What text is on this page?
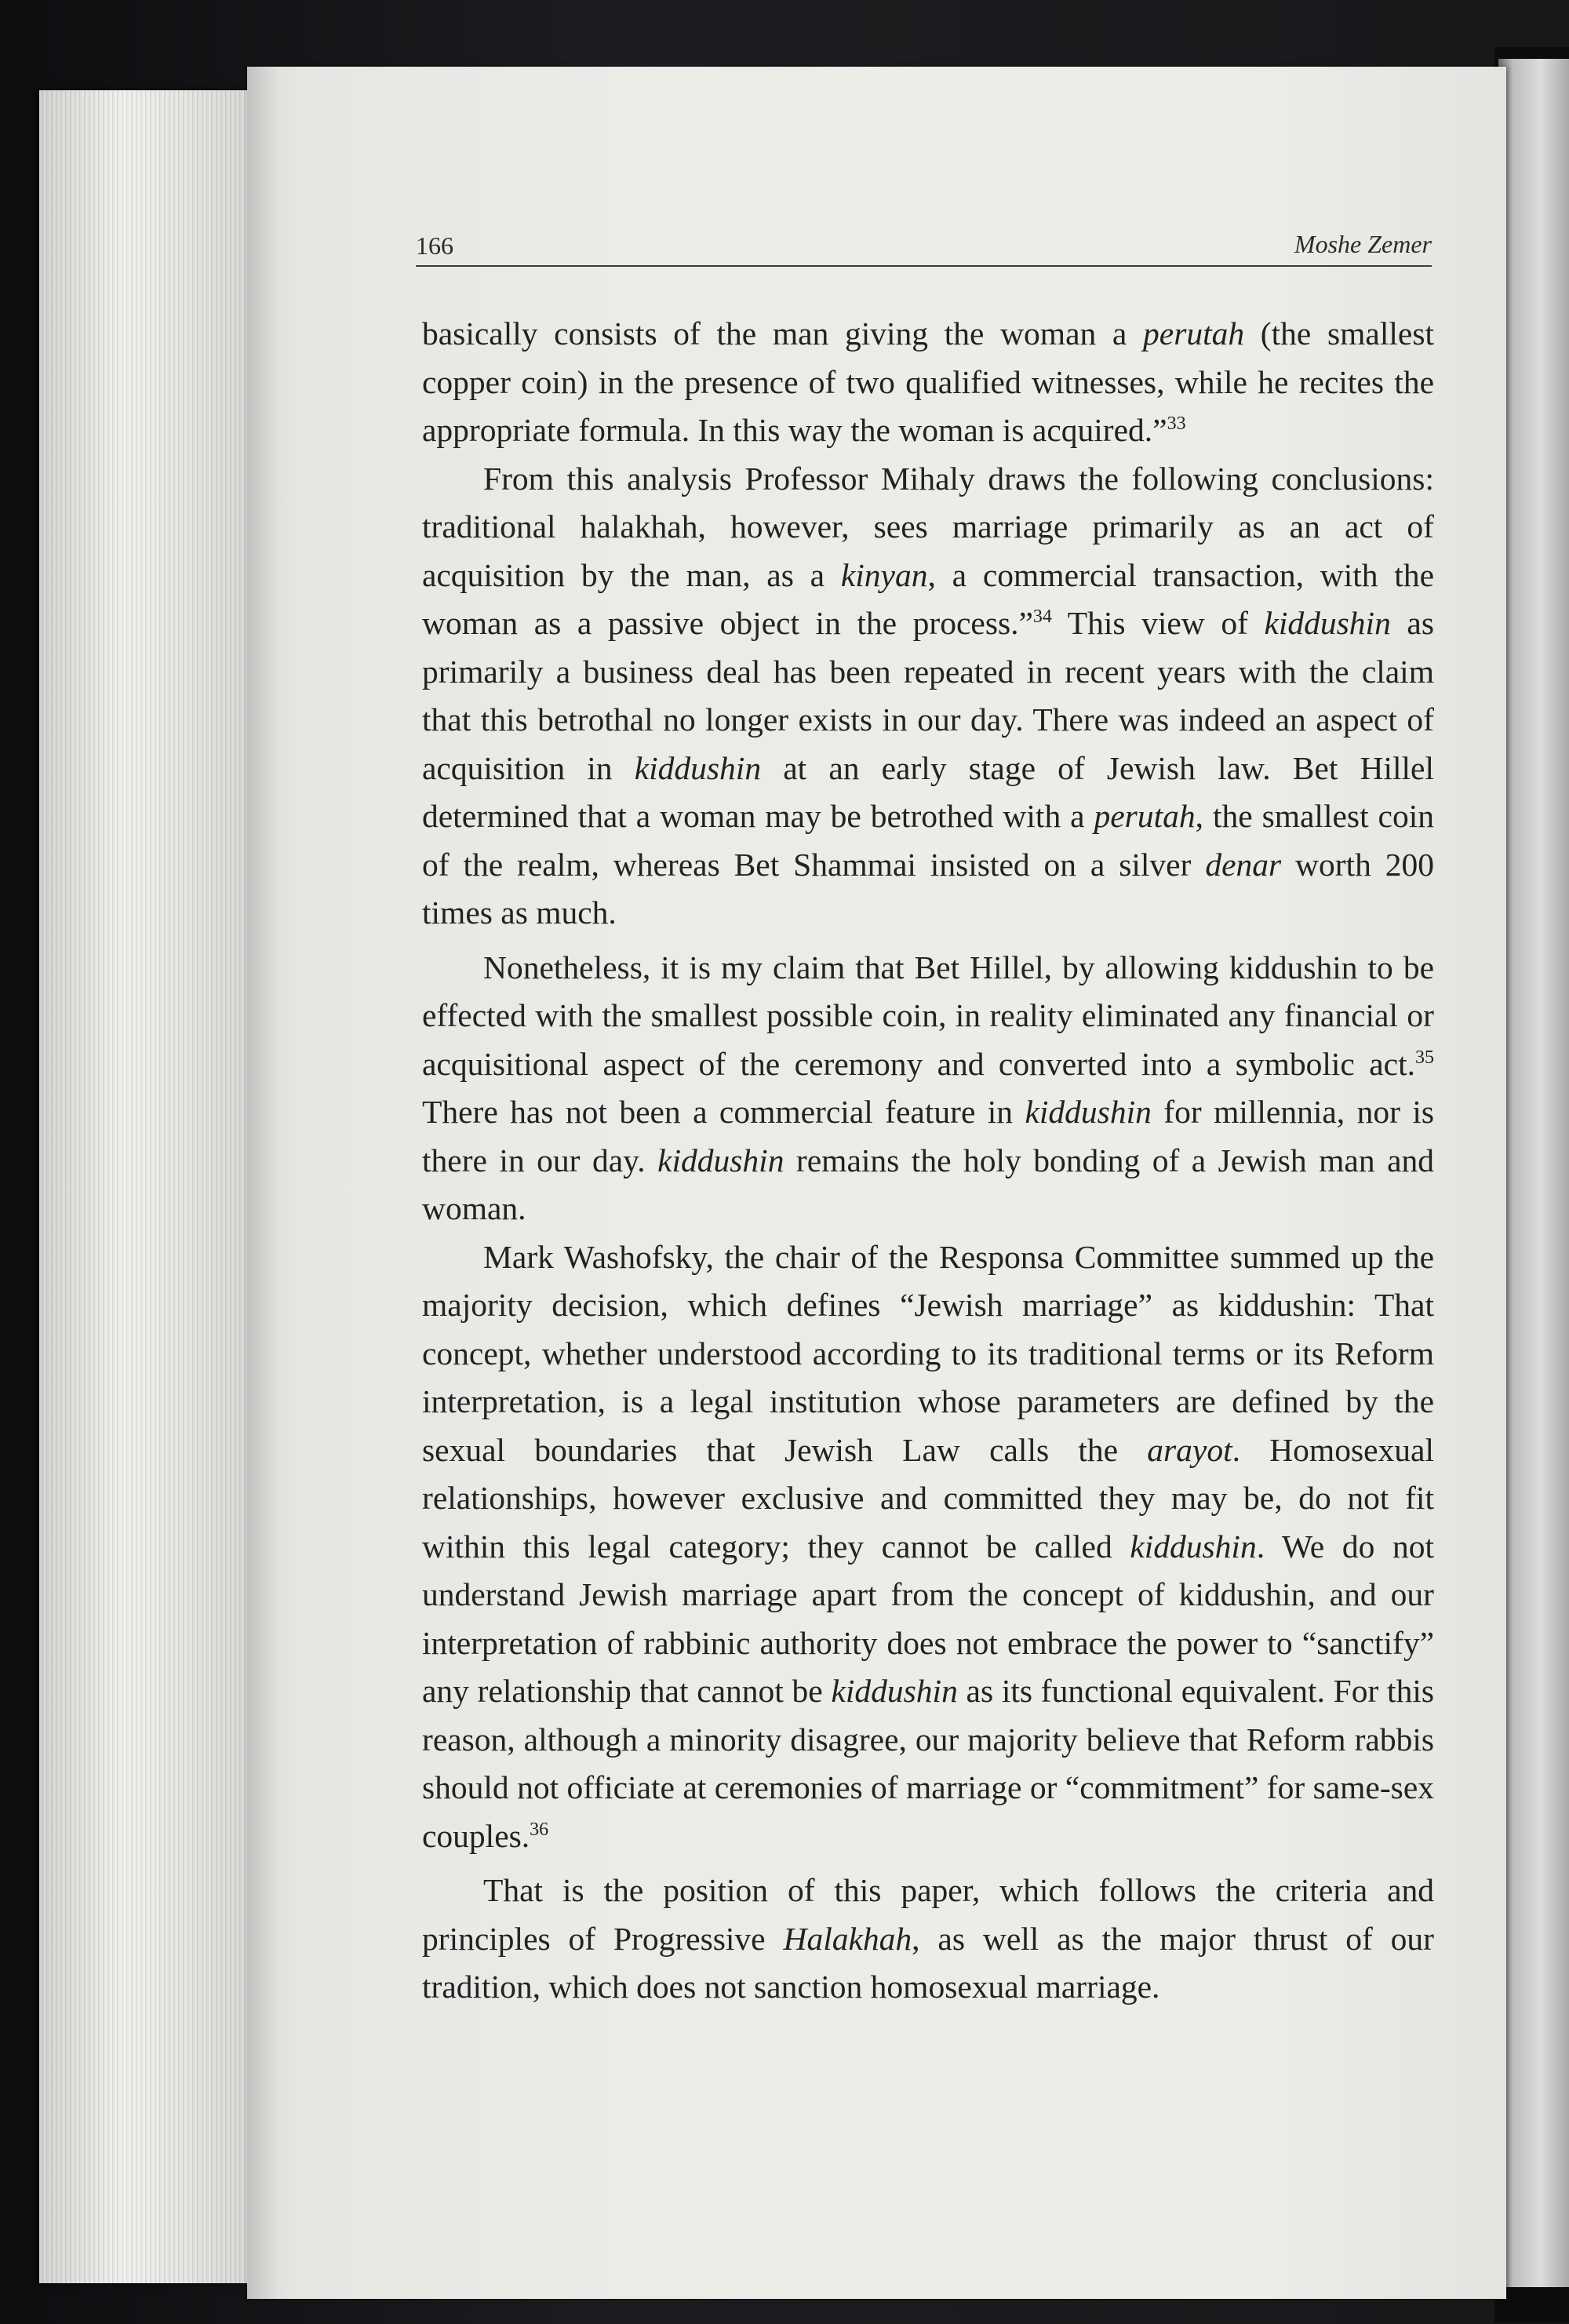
166	Moshe Zemer

basically consists of the man giving the woman a perutah (the smallest copper coin) in the presence of two qualified witnesses, while he recites the appropriate formula. In this way the woman is acquired.”$^{33}$

From this analysis Professor Mihaly draws the following conclusions: traditional halakhah, however, sees marriage primarily as an act of acquisition by the man, as a kinyan, a commercial transaction, with the woman as a passive object in the process.”$^{34}$ This view of kiddushin as primarily a business deal has been repeated in recent years with the claim that this betrothal no longer exists in our day. There was indeed an aspect of acquisition in kiddushin at an early stage of Jewish law. Bet Hillel determined that a woman may be betrothed with a perutah, the smallest coin of the realm, whereas Bet Shammai insisted on a silver denar worth 200 times as much.

Nonetheless, it is my claim that Bet Hillel, by allowing kiddushin to be effected with the smallest possible coin, in reality eliminated any financial or acquisitional aspect of the ceremony and converted into a symbolic act.$^{35}$ There has not been a commercial feature in kiddushin for millennia, nor is there in our day. kiddushin remains the holy bonding of a Jewish man and woman.

Mark Washofsky, the chair of the Responsa Committee summed up the majority decision, which defines “Jewish marriage” as kiddushin: That concept, whether understood according to its traditional terms or its Reform interpretation, is a legal institution whose parameters are defined by the sexual boundaries that Jewish Law calls the arayot. Homosexual relationships, however exclusive and committed they may be, do not fit within this legal category; they cannot be called kiddushin. We do not understand Jewish marriage apart from the concept of kiddushin, and our interpretation of rabbinic authority does not embrace the power to “sanctify” any relationship that cannot be kiddushin as its functional equivalent. For this reason, although a minority disagree, our majority believe that Reform rabbis should not officiate at ceremonies of marriage or “commitment” for same-sex couples.$^{36}$

That is the position of this paper, which follows the criteria and principles of Progressive Halakhah, as well as the major thrust of our tradition, which does not sanction homosexual marriage.
